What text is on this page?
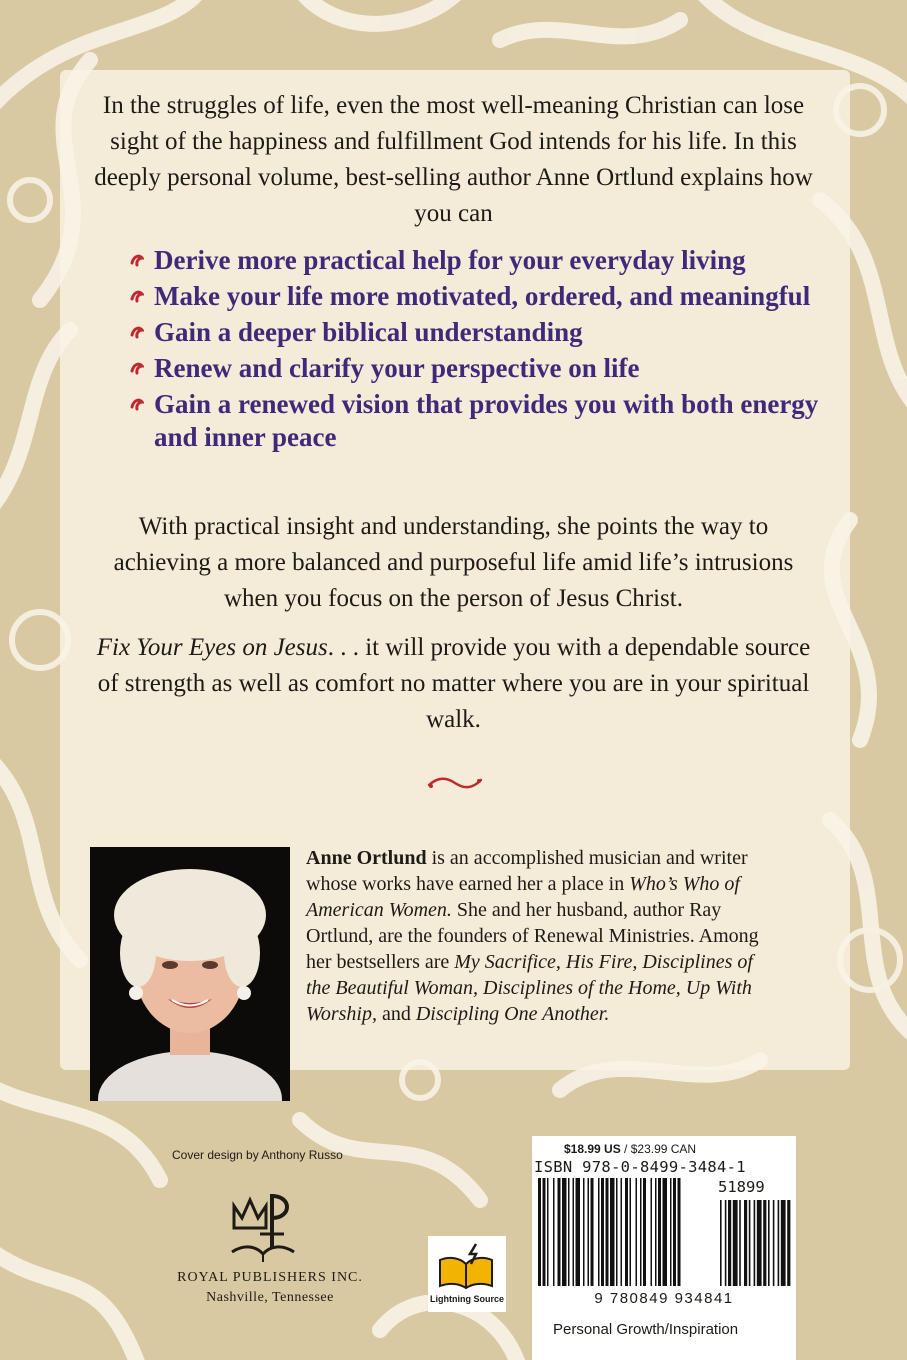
In the struggles of life, even the most well-meaning Christian can lose sight of the happiness and fulfillment God intends for his life. In this deeply personal volume, best-selling author Anne Ortlund explains how you can

Derive more practical help for your everyday living
Make your life more motivated, ordered, and meaningful
Gain a deeper biblical understanding
Renew and clarify your perspective on life
Gain a renewed vision that provides you with both energy and inner peace

With practical insight and understanding, she points the way to achieving a more balanced and purposeful life amid life’s intrusions when you focus on the person of Jesus Christ.

Fix Your Eyes on Jesus. . . it will provide you with a dependable source of strength as well as comfort no matter where you are in your spiritual walk.

Anne Ortlund is an accomplished musician and writer whose works have earned her a place in Who’s Who of American Women. She and her husband, author Ray Ortlund, are the founders of Renewal Ministries. Among her bestsellers are My Sacrifice, His Fire, Disciplines of the Beautiful Woman, Disciplines of the Home, Up With Worship, and Discipling One Another.

Cover design by Anthony Russo

ROYAL PUBLISHERS INC.

Nashville, Tennessee	Lightning Source
$18.99 US / $23.99 CAN
ISBN 978-0-8499-3484-1
51899
9 780849 934841
Personal Growth/Inspiration
